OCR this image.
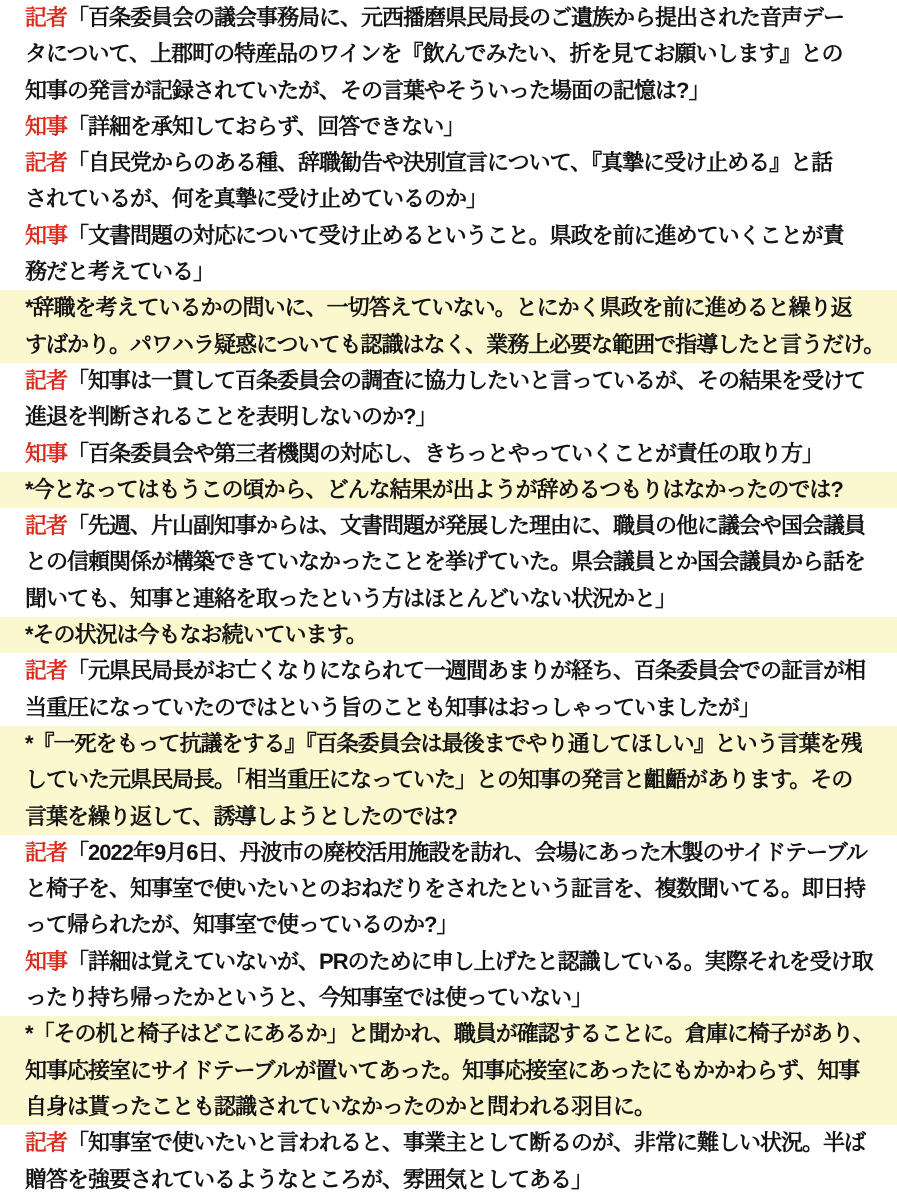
記者「百条委員会の議会事務局に、元西播磨県民局長のご遺族から提出された音声デー
タについて、上郡町の特産品のワインを『飲んでみたい、折を見てお願いします』との
知事の発言が記録されていたが、その言葉やそういった場面の記憶は?」
知事「詳細を承知しておらず、回答できない」
記者「自民党からのある種、辞職勧告や決別宣言について、『真摯に受け止める』と話
されているが、何を真摯に受け止めているのか」
知事「文書問題の対応について受け止めるということ。県政を前に進めていくことが責
務だと考えている」
*辞職を考えているかの問いに、一切答えていない。とにかく県政を前に進めると繰り返
すばかり。パワハラ疑惑についても認識はなく、業務上必要な範囲で指導したと言うだけ。
記者「知事は一貫して百条委員会の調査に協力したいと言っているが、その結果を受けて
進退を判断されることを表明しないのか?」
知事「百条委員会や第三者機関の対応し、きちっとやっていくことが責任の取り方」
*今となってはもうこの頃から、どんな結果が出ようが辞めるつもりはなかったのでは?
記者「先週、片山副知事からは、文書問題が発展した理由に、職員の他に議会や国会議員
との信頼関係が構築できていなかったことを挙げていた。県会議員とか国会議員から話を
聞いても、知事と連絡を取ったという方はほとんどいない状況かと」
*その状況は今もなお続いています。
記者「元県民局長がお亡くなりになられて一週間あまりが経ち、百条委員会での証言が相
当重圧になっていたのではという旨のことも知事はおっしゃっていましたが」
*『一死をもって抗議をする』『百条委員会は最後までやり通してほしい』という言葉を残
していた元県民局長。「相当重圧になっていた」との知事の発言と齟齬があります。その
言葉を繰り返して、誘導しようとしたのでは?
記者「2022年9月6日、丹波市の廃校活用施設を訪れ、会場にあった木製のサイドテーブル
と椅子を、知事室で使いたいとのおねだりをされたという証言を、複数聞いてる。即日持
って帰られたが、知事室で使っているのか?」
知事「詳細は覚えていないが、PRのために申し上げたと認識している。実際それを受け取
ったり持ち帰ったかというと、今知事室では使っていない」
*「その机と椅子はどこにあるか」と聞かれ、職員が確認することに。倉庫に椅子があり、
知事応接室にサイドテーブルが置いてあった。知事応接室にあったにもかかわらず、知事
自身は貰ったことも認識されていなかったのかと問われる羽目に。
記者「知事室で使いたいと言われると、事業主として断るのが、非常に難しい状況。半ば
贈答を強要されているようなところが、雰囲気としてある」
